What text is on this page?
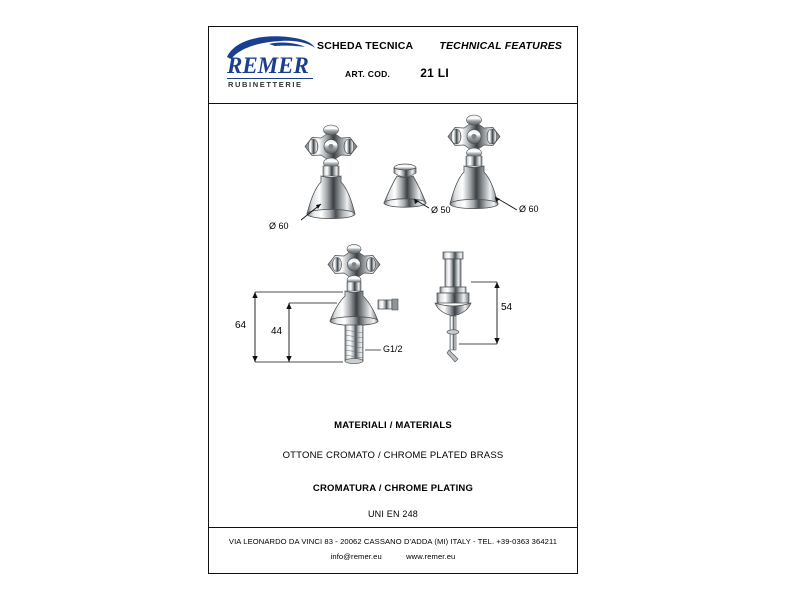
REMER
RUBINETTERIE
SCHEDA TECNICA TECHNICAL FEATURES
ART. COD.	21 LI
Ø 60
Ø 50	Ø 60
64
44
G1/2
54
MATERIALI / MATERIALS
OTTONE CROMATO / CHROME PLATED BRASS
CROMATURA / CHROME PLATING
UNI EN 248
VIA LEONARDO DA VINCI 83 - 20062 CASSANO D'ADDA (MI) ITALY - TEL. +39-0363 364211
info@remer.eu	www.remer.eu
